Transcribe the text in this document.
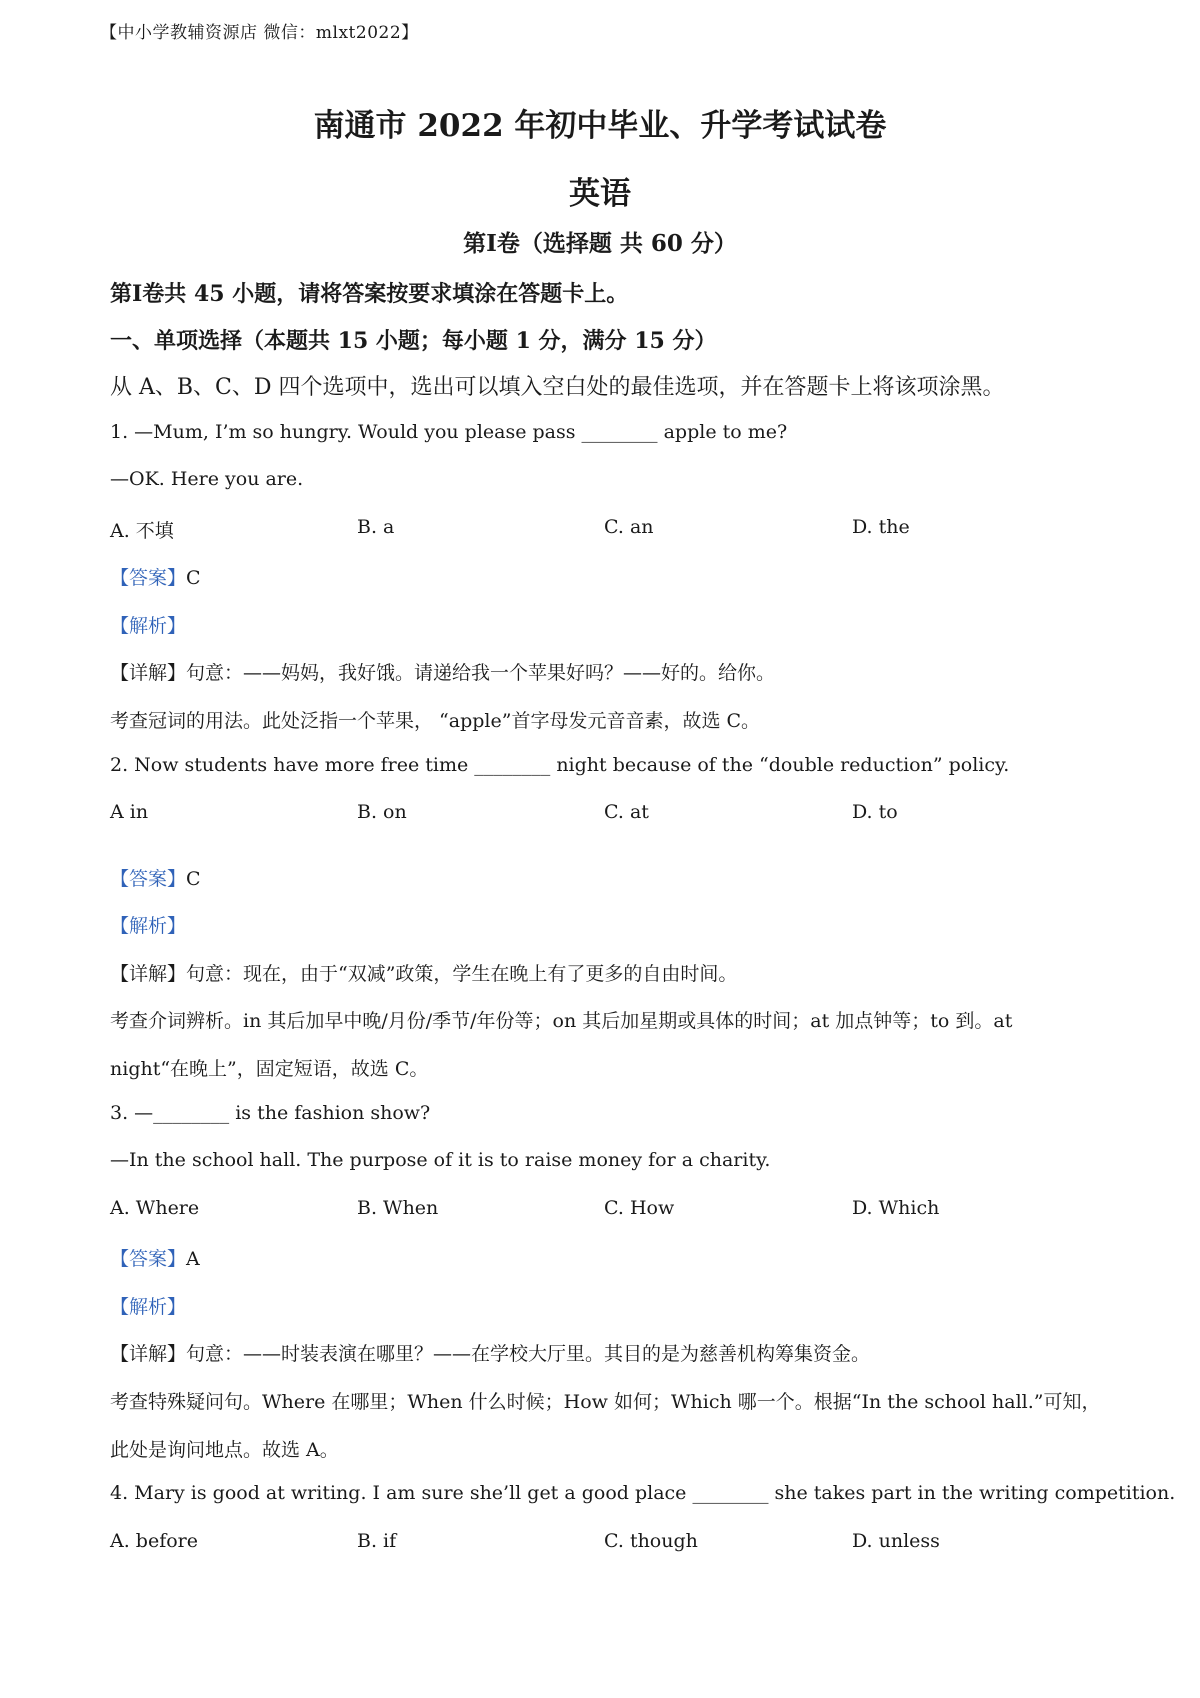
【中小学教辅资源店 微信：mlxt2022】
南通市 2022 年初中毕业、升学考试试卷
英语
第Ⅰ卷（选择题 共 60 分）
第Ⅰ卷共 45 小题，请将答案按要求填涂在答题卡上。
一、单项选择（本题共 15 小题；每小题 1 分，满分 15 分）
从 A、B、C、D 四个选项中，选出可以填入空白处的最佳选项，并在答题卡上将该项涂黑。
1. —Mum, I’m so hungry. Would you please pass ________ apple to me?
—OK. Here you are.
A. 不填	B. a	C. an	D. the
【答案】C
【解析】
【详解】句意：——妈妈，我好饿。请递给我一个苹果好吗？——好的。给你。
考查冠词的用法。此处泛指一个苹果， “apple”首字母发元音音素，故选 C。
2. Now students have more free time ________ night because of the “double reduction” policy.
A in	B. on	C. at	D. to
【答案】C
【解析】
【详解】句意：现在，由于“双减”政策，学生在晚上有了更多的自由时间。
考查介词辨析。in 其后加早中晚/月份/季节/年份等；on 其后加星期或具体的时间；at 加点钟等；to 到。at
night“在晚上”，固定短语，故选 C。
3. —________ is the fashion show?
—In the school hall. The purpose of it is to raise money for a charity.
A. Where	B. When	C. How	D. Which
【答案】A
【解析】
【详解】句意：——时装表演在哪里？——在学校大厅里。其目的是为慈善机构筹集资金。
考查特殊疑问句。Where 在哪里；When 什么时候；How 如何；Which 哪一个。根据“In the school hall.”可知，
此处是询问地点。故选 A。
4. Mary is good at writing. I am sure she’ll get a good place ________ she takes part in the writing competition.
A. before	B. if	C. though	D. unless
